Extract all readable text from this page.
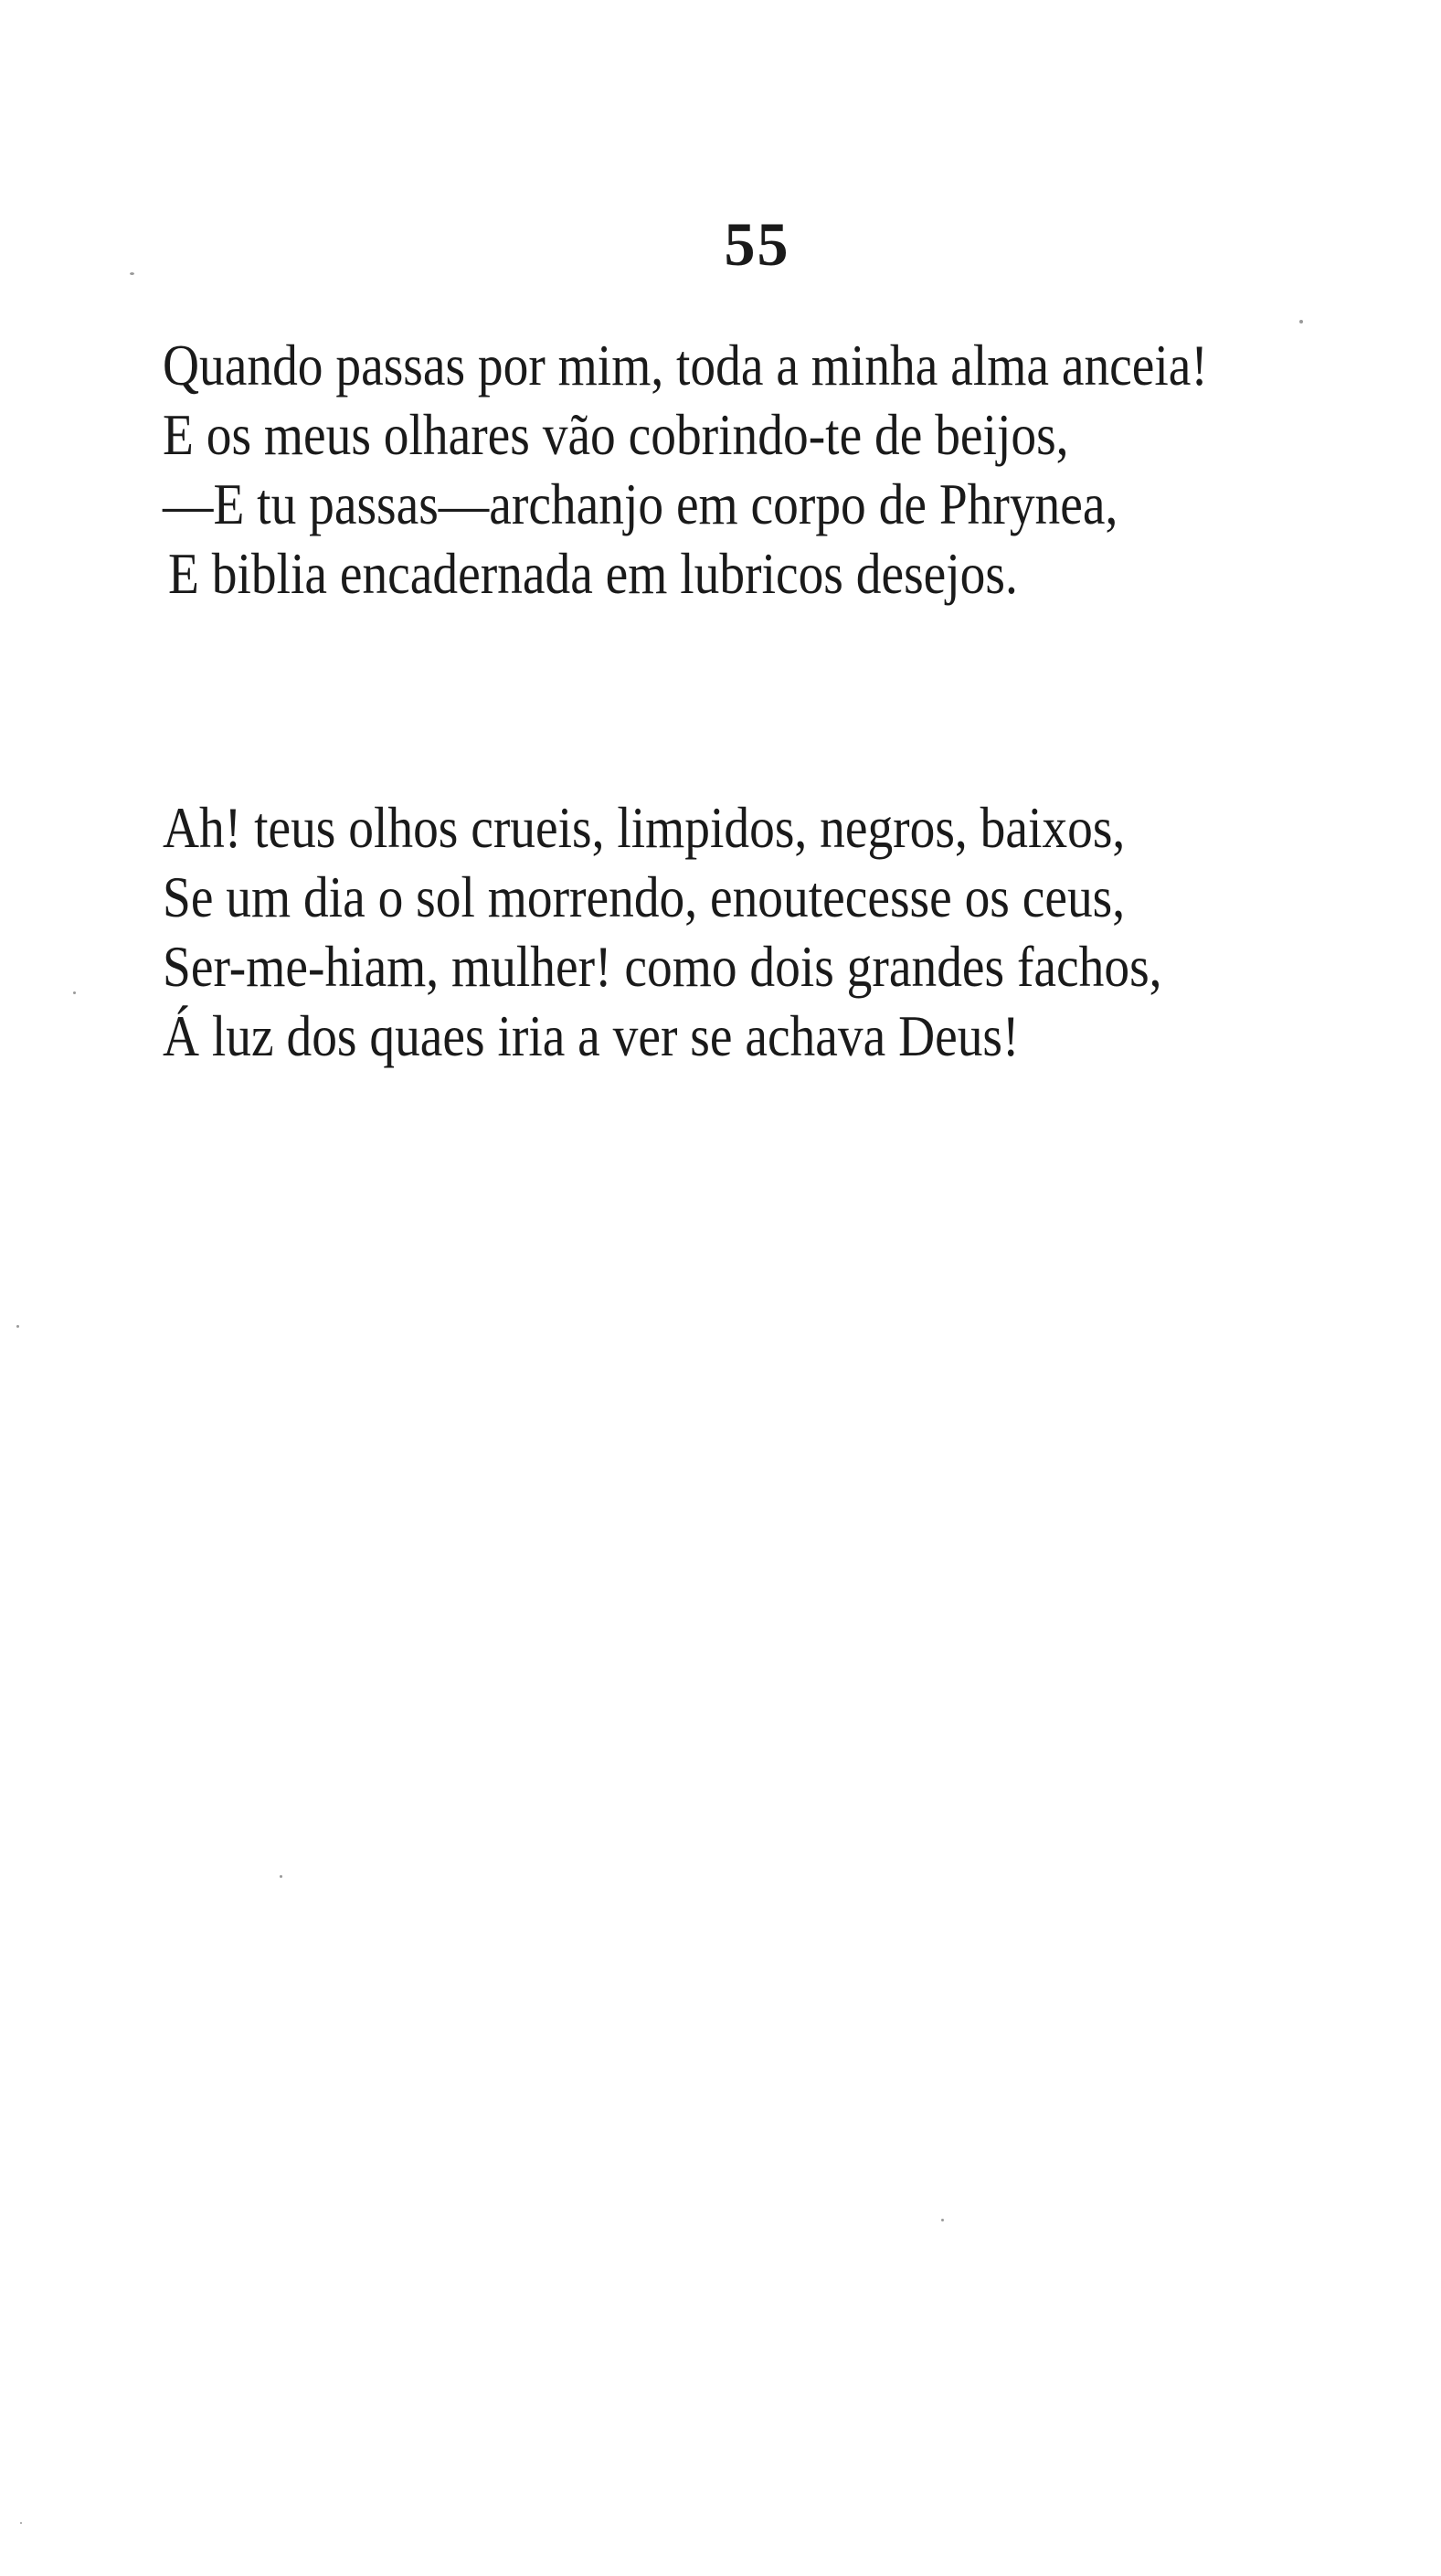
55
Quando passas por mim, toda a minha alma anceia!
E os meus olhares vão cobrindo-te de beijos,
—E tu passas—archanjo em corpo de Phrynea,
E biblia encadernada em lubricos desejos.
Ah! teus olhos crueis, limpidos, negros, baixos,
Se um dia o sol morrendo, enoutecesse os ceus,
Ser-me-hiam, mulher! como dois grandes fachos,
Á luz dos quaes iria a ver se achava Deus!
